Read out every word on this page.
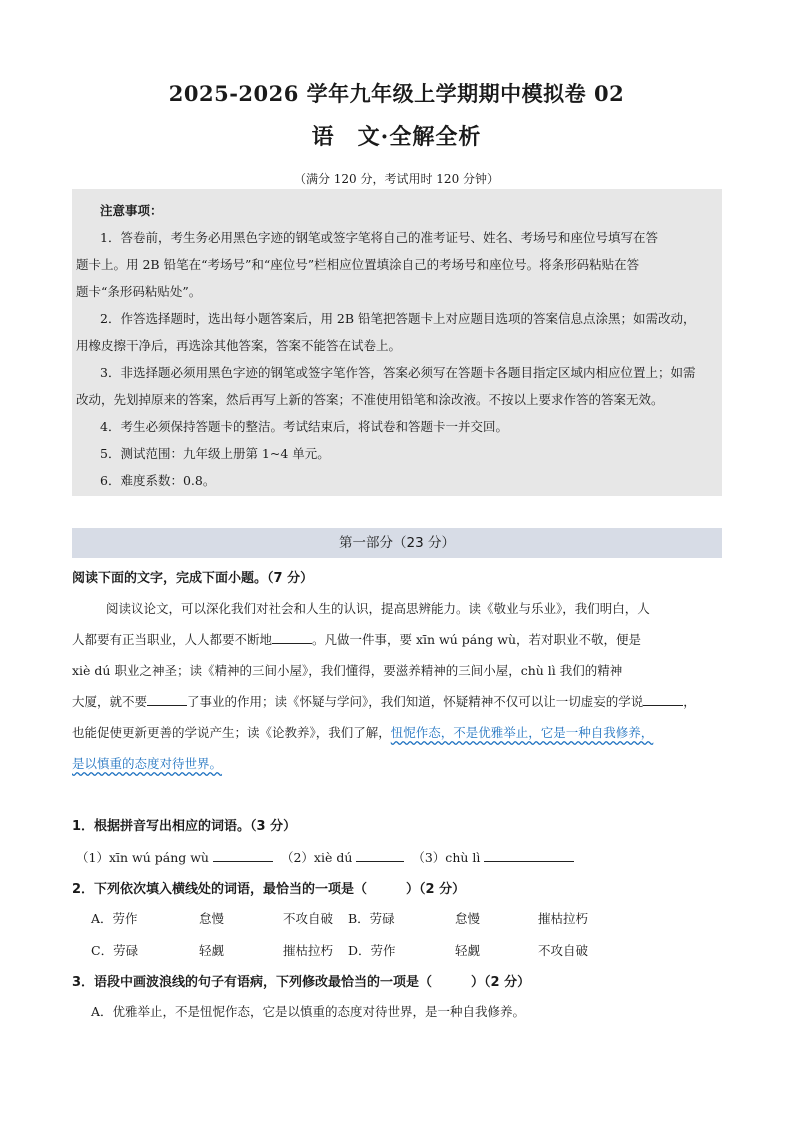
2025-2026 学年九年级上学期期中模拟卷 02
语　文·全解全析
（满分 120 分，考试用时 120 分钟）
注意事项：
1．答卷前，考生务必用黑色字迹的钢笔或签字笔将自己的准考证号、姓名、考场号和座位号填写在答
题卡上。用 2B 铅笔在“考场号”和“座位号”栏相应位置填涂自己的考场号和座位号。将条形码粘贴在答
题卡“条形码粘贴处”。
2．作答选择题时，选出每小题答案后，用 2B 铅笔把答题卡上对应题目选项的答案信息点涂黑；如需改动，
用橡皮擦干净后，再选涂其他答案，答案不能答在试卷上。
3．非选择题必须用黑色字迹的钢笔或签字笔作答，答案必须写在答题卡各题目指定区域内相应位置上；如需
改动，先划掉原来的答案，然后再写上新的答案；不准使用铅笔和涂改液。不按以上要求作答的答案无效。
4．考生必须保持答题卡的整洁。考试结束后，将试卷和答题卡一并交回。
5．测试范围：九年级上册第 1~4 单元。
6．难度系数：0.8。
第一部分（23 分）
阅读下面的文字，完成下面小题。（7 分）
阅读议论文，可以深化我们对社会和人生的认识，提高思辨能力。读《敬业与乐业》，我们明白，人
人都要有正当职业，人人都要不断地	。凡做一件事，要 xīn wú páng wù，若对职业不敬，便是
xiè dú 职业之神圣；读《精神的三间小屋》，我们懂得，要滋养精神的三间小屋，chù lì 我们的精神
大厦，就不要	了事业的作用；读《怀疑与学问》，我们知道，怀疑精神不仅可以让一切虚妄的学说	，
也能促使更新更善的学说产生；读《论教养》，我们了解，忸怩作态，不是优雅举止，它是一种自我修养，
是以慎重的态度对待世界。
1．根据拼音写出相应的词语。（3 分）
（1）xīn wú páng wù	（2）xiè dú	（3）chù lì
2．下列依次填入横线处的词语，最恰当的一项是（　　　）（2 分）
A．劳作	怠慢	不攻自破 B．劳碌	怠慢	摧枯拉朽
C．劳碌	轻觑	摧枯拉朽 D．劳作	轻觑	不攻自破
3．语段中画波浪线的句子有语病，下列修改最恰当的一项是（　　　）（2 分）
A．优雅举止，不是忸怩作态，它是以慎重的态度对待世界，是一种自我修养。
